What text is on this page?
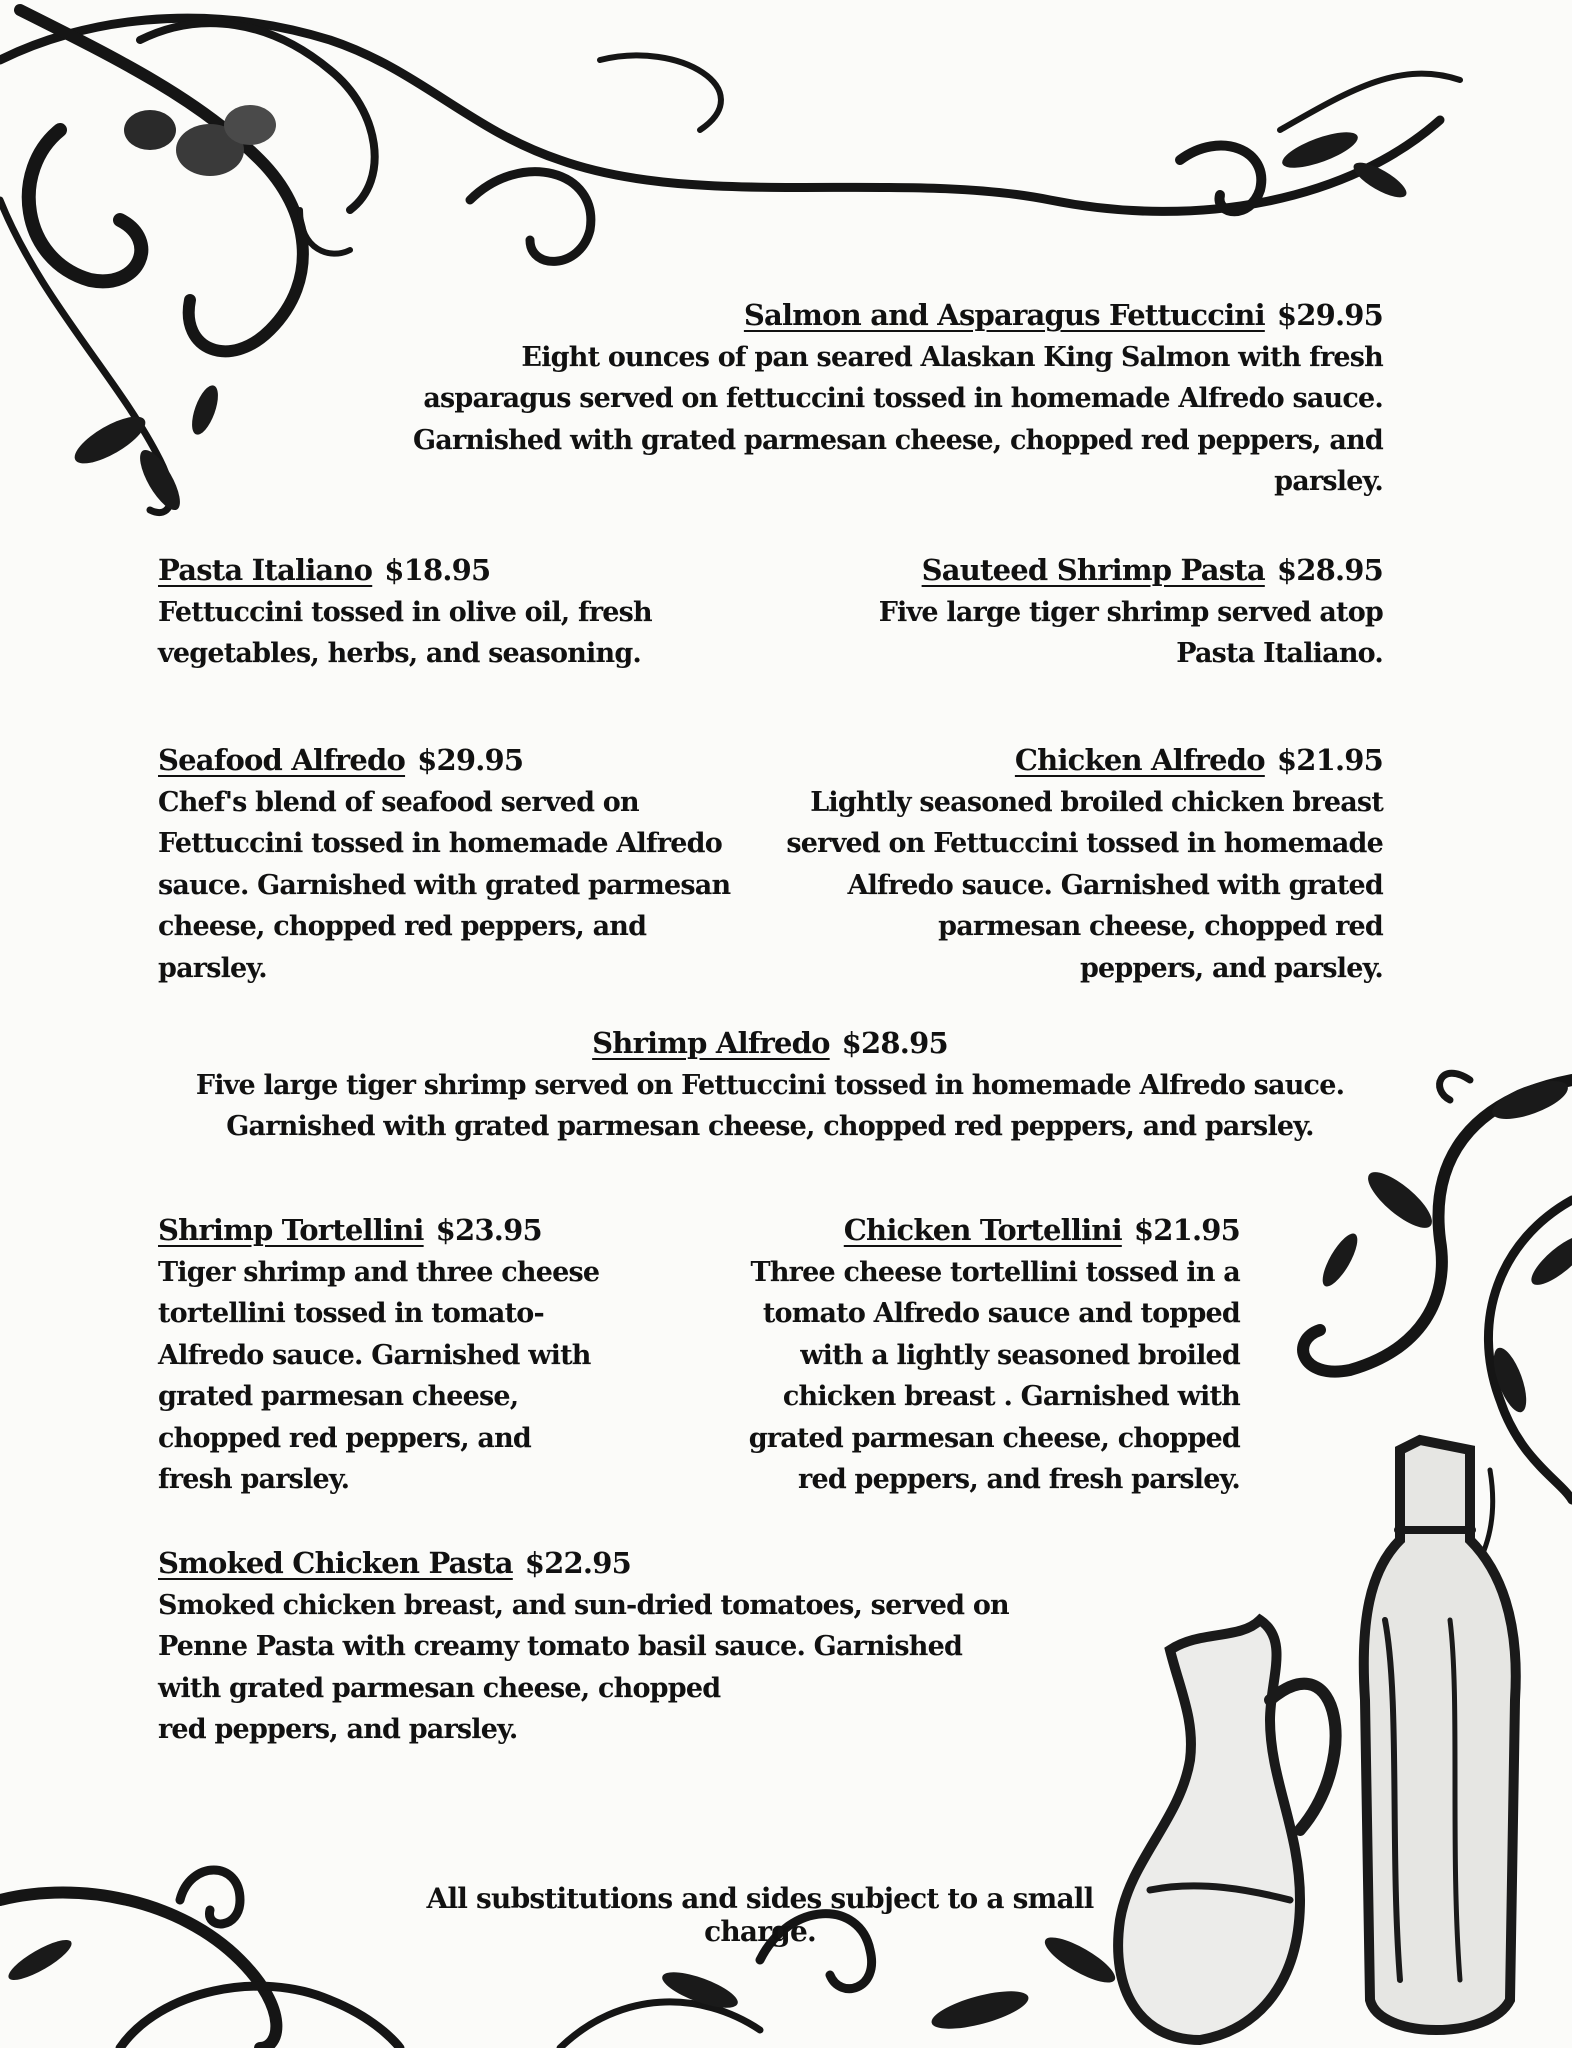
Salmon and Asparagus Fettuccini $29.95
Eight ounces of pan seared Alaskan King Salmon with fresh
asparagus served on fettuccini tossed in homemade Alfredo sauce.
Garnished with grated parmesan cheese, chopped red peppers, and parsley.
Pasta Italiano $18.95
Fettuccini tossed in olive oil, fresh
vegetables, herbs, and seasoning.
Sauteed Shrimp Pasta $28.95
Five large tiger shrimp served atop
Pasta Italiano.
Seafood Alfredo $29.95
Chef's blend of seafood served on
Fettuccini tossed in homemade Alfredo
sauce. Garnished with grated parmesan
cheese, chopped red peppers, and parsley.
Chicken Alfredo $21.95
Lightly seasoned broiled chicken breast
served on Fettuccini tossed in homemade
Alfredo sauce. Garnished with grated
parmesan cheese, chopped red
peppers, and parsley.
Shrimp Alfredo $28.95
Five large tiger shrimp served on Fettuccini tossed in homemade Alfredo sauce.
Garnished with grated parmesan cheese, chopped red peppers, and parsley.
Shrimp Tortellini $23.95
Tiger shrimp and three cheese
tortellini tossed in tomato-
Alfredo sauce. Garnished with
grated parmesan cheese,
chopped red peppers, and
fresh parsley.
Chicken Tortellini $21.95
Three cheese tortellini tossed in a
tomato Alfredo sauce and topped
with a lightly seasoned broiled
chicken breast . Garnished with
grated parmesan cheese, chopped
red peppers, and fresh parsley.
Smoked Chicken Pasta $22.95
Smoked chicken breast, and sun-dried tomatoes, served on
Penne Pasta with creamy tomato basil sauce. Garnished
with grated parmesan cheese, chopped
red peppers, and parsley.
All substitutions and sides subject to a small charge.
